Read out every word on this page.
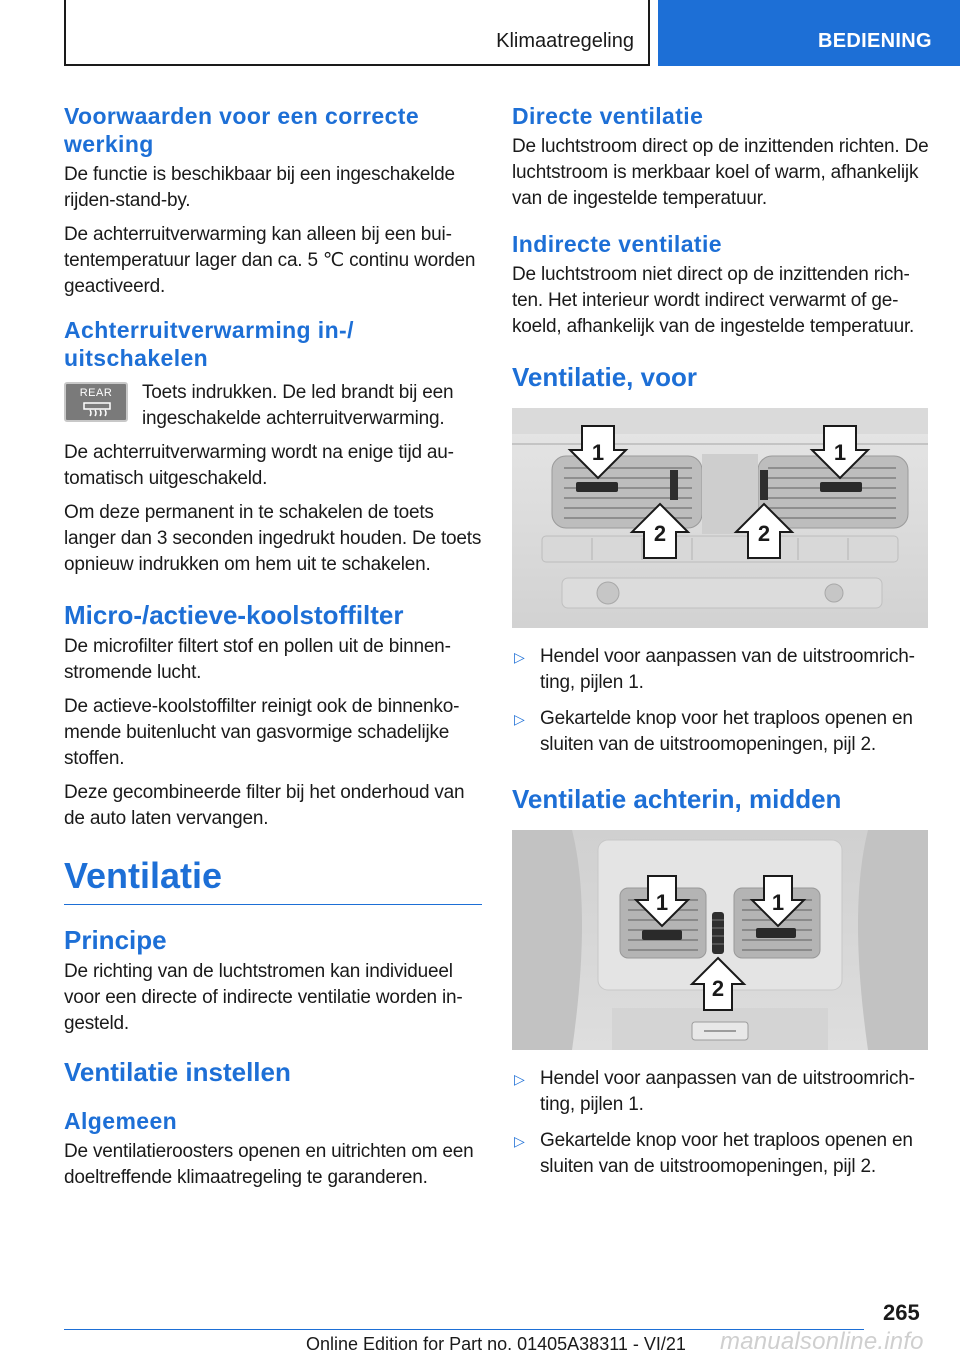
Klimaatregeling	BEDIENING
Voorwaarden voor een correcte werking

De functie is beschikbaar bij een ingeschakelde rijden-stand-by.

De achterruitverwarming kan alleen bij een buitentemperatuur lager dan ca. 5 ℃ continu worden geactiveerd.

Achterruitverwarming in-/ uitschakelen
REAR	Toets indrukken. De led brandt bij een ingeschakelde achterruitverwarming.

De achterruitverwarming wordt na enige tijd automatisch uitgeschakeld.

Om deze permanent in te schakelen de toets langer dan 3 seconden ingedrukt houden. De toets opnieuw indrukken om hem uit te schakelen.

Micro-/actieve-koolstoffilter

De microfilter filtert stof en pollen uit de binnenstromende lucht.

De actieve-koolstoffilter reinigt ook de binnenkomende buitenlucht van gasvormige schadelijke stoffen.

Deze gecombineerde filter bij het onderhoud van de auto laten vervangen.

Ventilatie
Principe

De richting van de luchtstromen kan individueel voor een directe of indirecte ventilatie worden ingesteld.

Ventilatie instellen
Algemeen

De ventilatieroosters openen en uitrichten om een doeltreffende klimaatregeling te garanderen.

Directe ventilatie

De luchtstroom direct op de inzittenden richten. De luchtstroom is merkbaar koel of warm, afhankelijk van de ingestelde temperatuur.

Indirecte ventilatie

De luchtstroom niet direct op de inzittenden richten. Het interieur wordt indirect verwarmt of gekoeld, afhankelijk van de ingestelde temperatuur.

Ventilatie, voor
1	1
2	2
▷ Hendel voor aanpassen van de uitstroomrichting, pijlen 1.
▷ Gekartelde knop voor het traploos openen en sluiten van de uitstroomopeningen, pijl 2.
Ventilatie achterin, midden
1	1
2
▷ Hendel voor aanpassen van de uitstroomrichting, pijlen 1.
▷ Gekartelde knop voor het traploos openen en sluiten van de uitstroomopeningen, pijl 2.
265
Online Edition for Part no. 01405A38311 - VI/21 manualsonline.info
